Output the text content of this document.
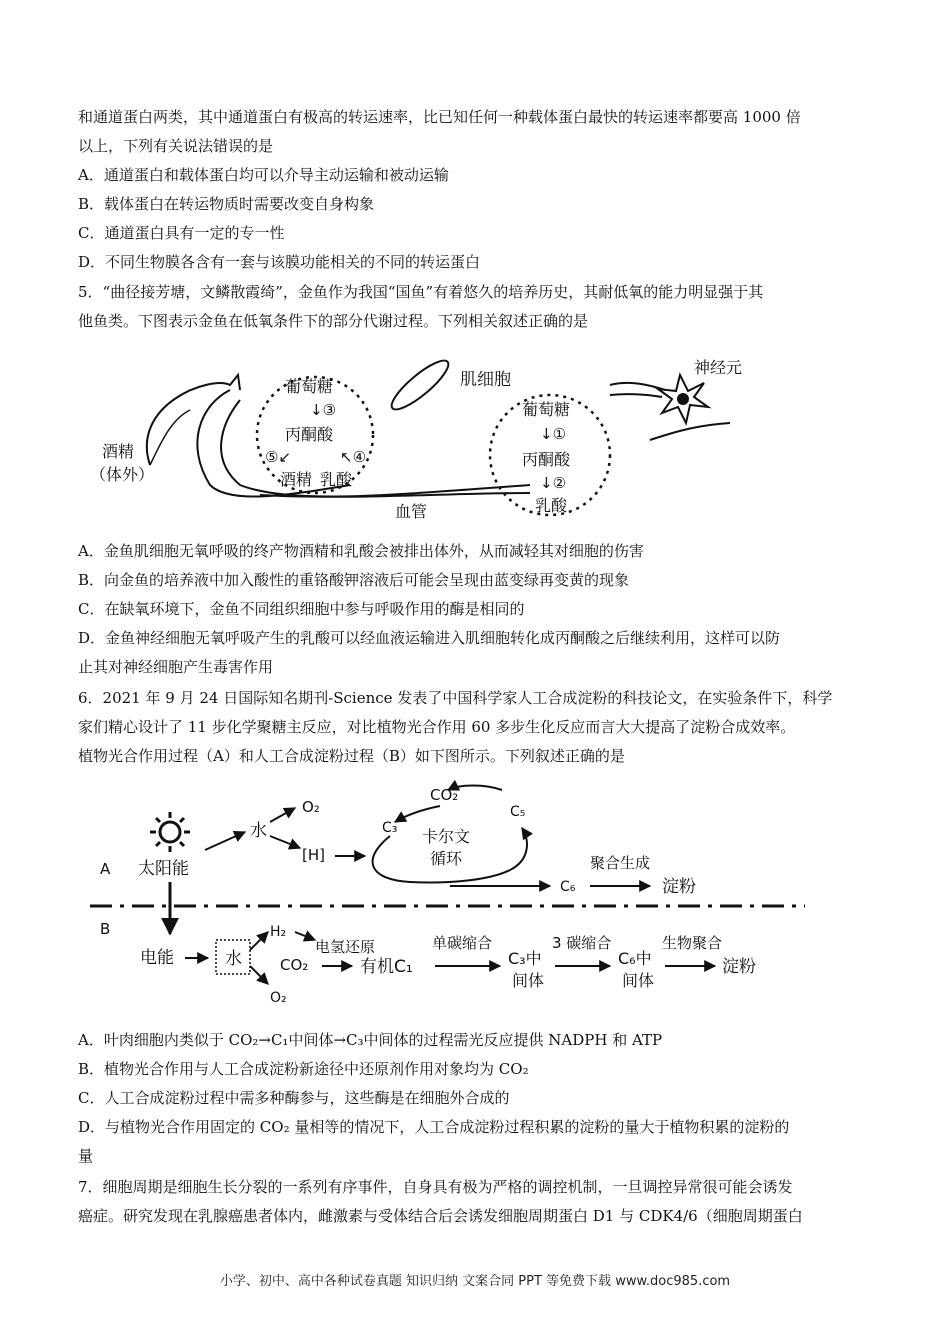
和通道蛋白两类，其中通道蛋白有极高的转运速率，比已知任何一种载体蛋白最快的转运速率都要高 1000 倍
以上，下列有关说法错误的是
A．通道蛋白和载体蛋白均可以介导主动运输和被动运输
B．载体蛋白在转运物质时需要改变自身构象
C．通道蛋白具有一定的专一性
D．不同生物膜各含有一套与该膜功能相关的不同的转运蛋白
5．“曲径接芳塘，文鳞散霞绮”，金鱼作为我国“国鱼”有着悠久的培养历史，其耐低氧的能力明显强于其
他鱼类。下图表示金鱼在低氧条件下的部分代谢过程。下列相关叙述正确的是
肌细胞
神经元
葡萄糖
↓③
丙酮酸
⑤↙	↖④
酒精 乳酸
葡萄糖
↓①
丙酮酸
↓②
乳酸
酒精
（体外）
血管
A．金鱼肌细胞无氧呼吸的终产物酒精和乳酸会被排出体外，从而减轻其对细胞的伤害
B．向金鱼的培养液中加入酸性的重铬酸钾溶液后可能会呈现由蓝变绿再变黄的现象
C．在缺氧环境下，金鱼不同组织细胞中参与呼吸作用的酶是相同的
D．金鱼神经细胞无氧呼吸产生的乳酸可以经血液运输进入肌细胞转化成丙酮酸之后继续利用，这样可以防
止其对神经细胞产生毒害作用
6．2021 年 9 月 24 日国际知名期刊-Science 发表了中国科学家人工合成淀粉的科技论文，在实验条件下，科学
家们精心设计了 11 步化学聚糖主反应，对比植物光合作用 60 多步生化反应而言大大提高了淀粉合成效率。
植物光合作用过程（A）和人工合成淀粉过程（B）如下图所示。下列叙述正确的是
A 太阳能
水
O₂
[H]
C₃
CO₂
C₅
卡尔文
循环
C₆
聚合生成
淀粉
B
电能	水
H₂
O₂
CO₂
电氢还原
有机C₁
单碳缩合
C₃中
间体
3 碳缩合
C₆中
间体
生物聚合
淀粉
A．叶肉细胞内类似于 CO₂→C₁中间体→C₃中间体的过程需光反应提供 NADPH 和 ATP
B．植物光合作用与人工合成淀粉新途径中还原剂作用对象均为 CO₂
C．人工合成淀粉过程中需多种酶参与，这些酶是在细胞外合成的
D．与植物光合作用固定的 CO₂ 量相等的情况下，人工合成淀粉过程积累的淀粉的量大于植物积累的淀粉的
量
7．细胞周期是细胞生长分裂的一系列有序事件，自身具有极为严格的调控机制，一旦调控异常很可能会诱发
癌症。研究发现在乳腺癌患者体内，雌激素与受体结合后会诱发细胞周期蛋白 D1 与 CDK4/6（细胞周期蛋白
小学、初中、高中各种试卷真题 知识归纳 文案合同 PPT 等免费下载 www.doc985.com
